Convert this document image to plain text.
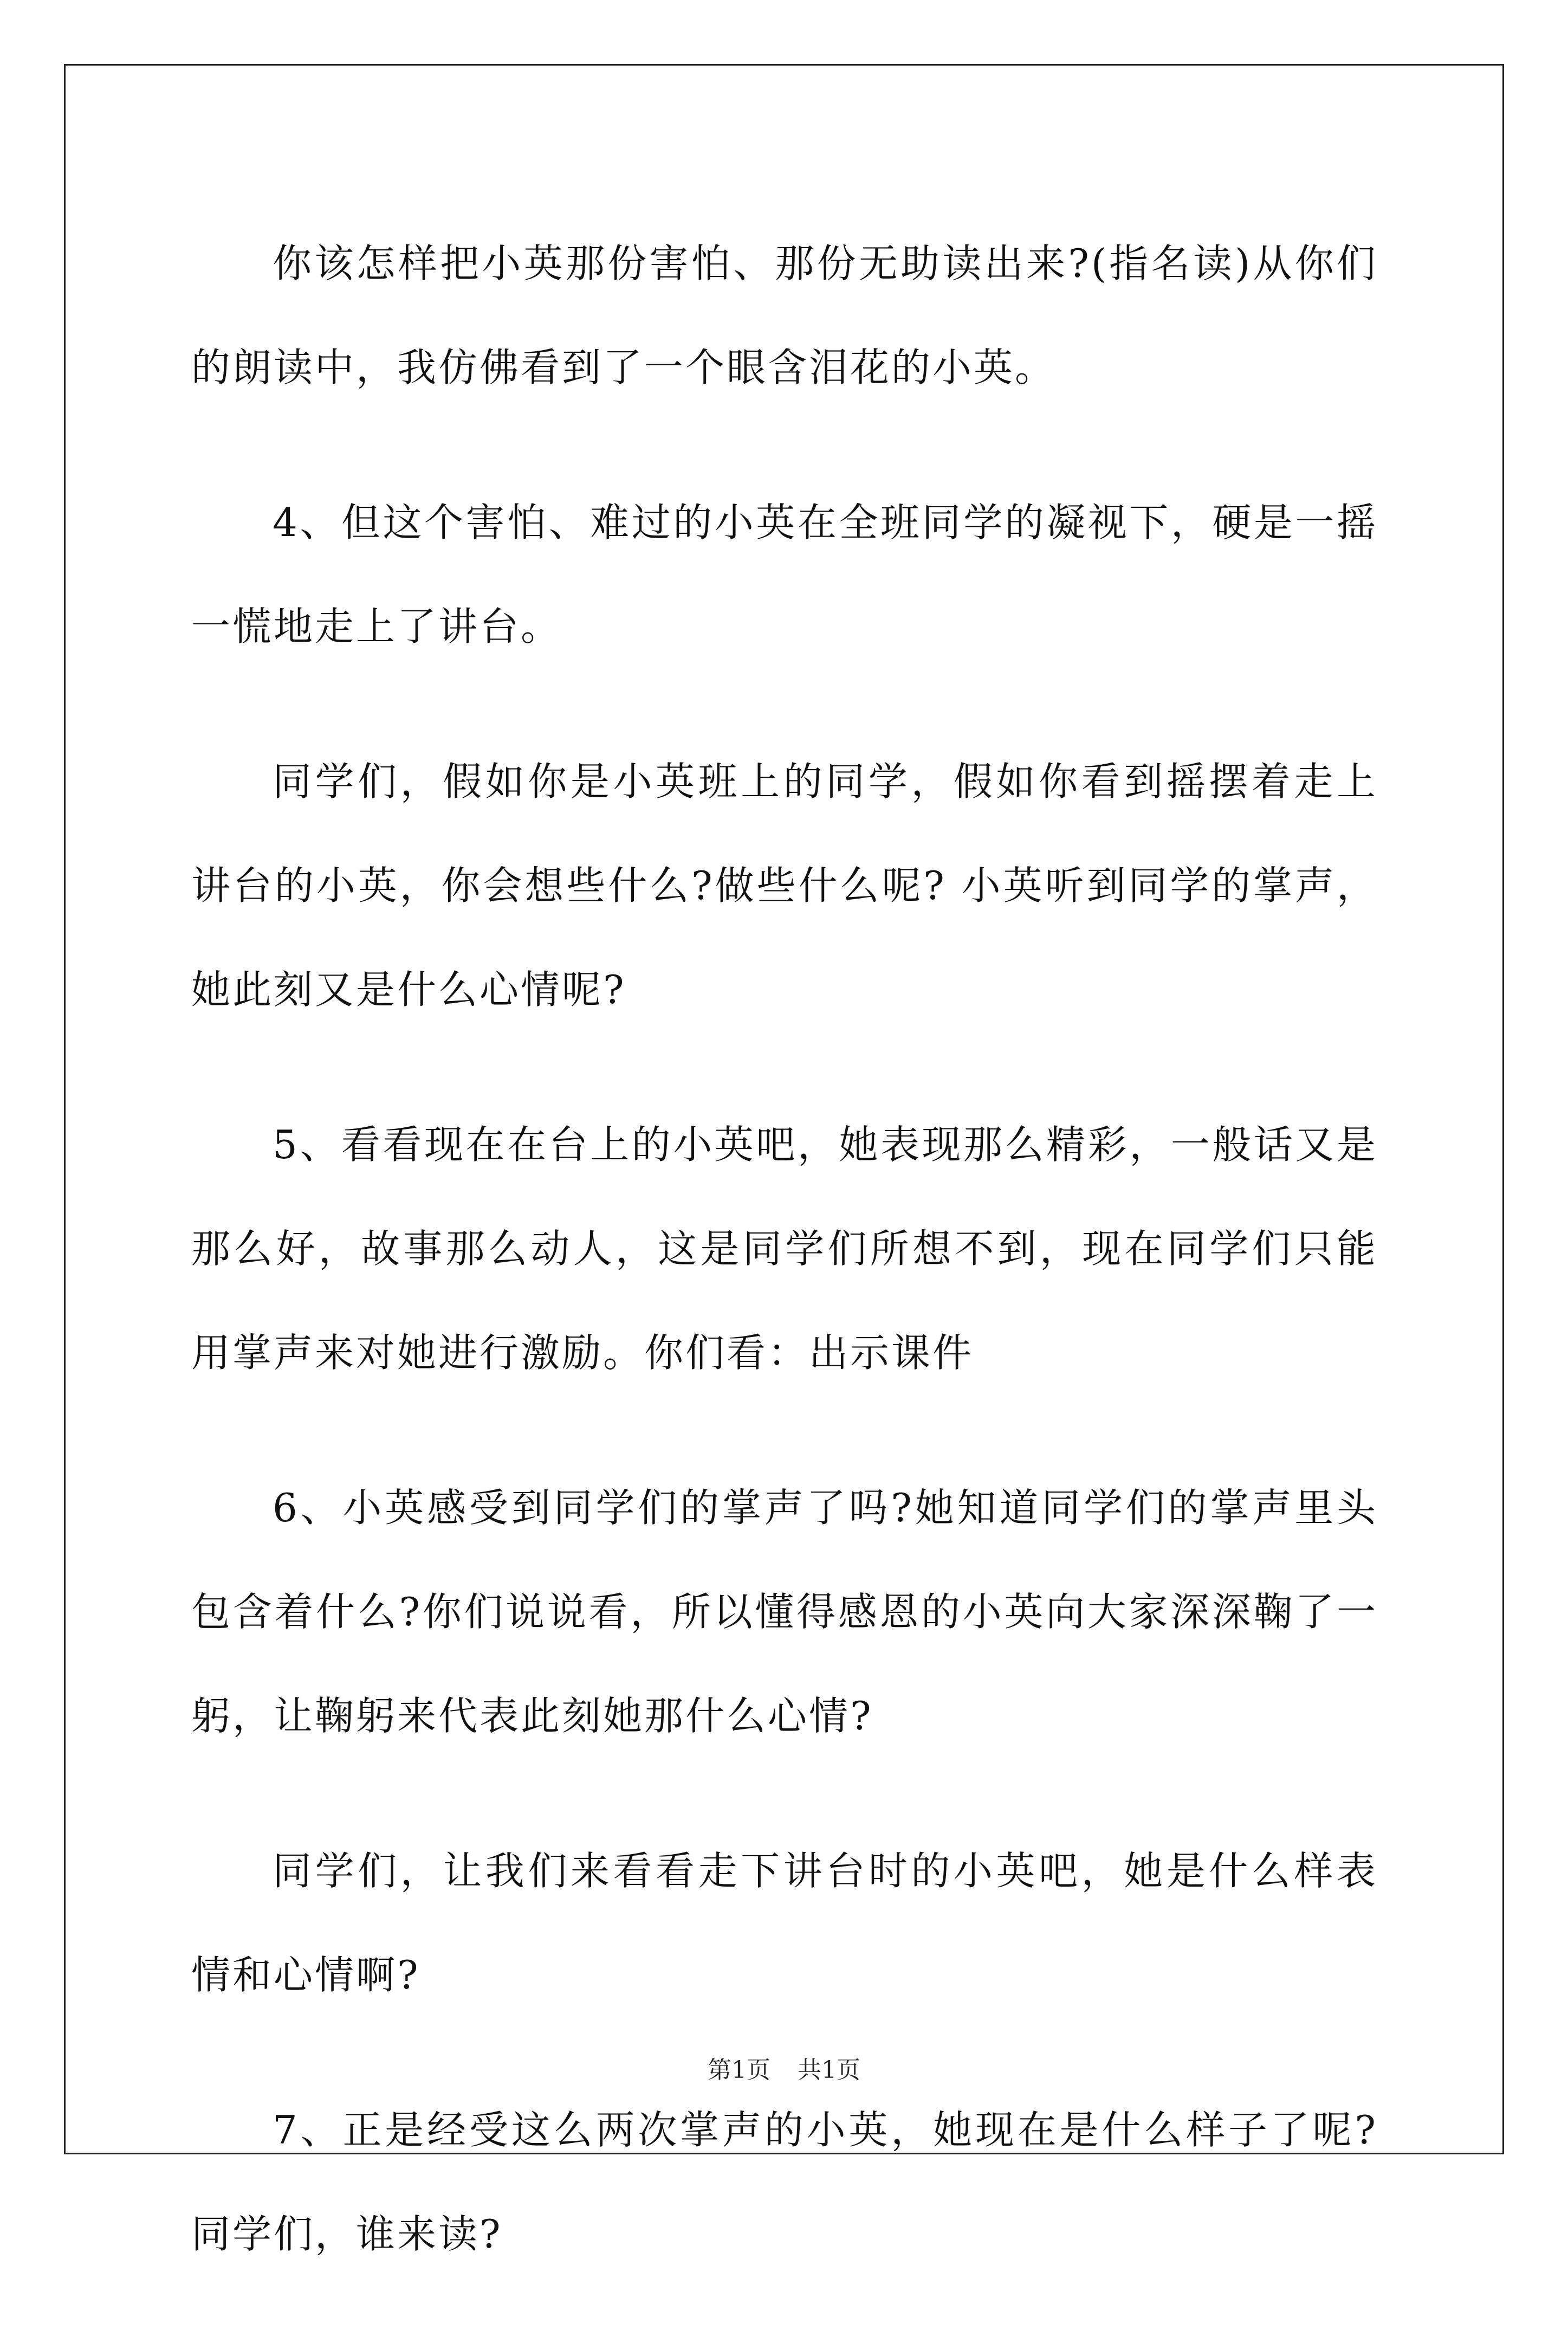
你该怎样把小英那份害怕、那份无助读出来?(指名读)从你们的朗读中，我仿佛看到了一个眼含泪花的小英。

4、但这个害怕、难过的小英在全班同学的凝视下，硬是一摇一慌地走上了讲台。

同学们，假如你是小英班上的同学，假如你看到摇摆着走上讲台的小英，你会想些什么?做些什么呢? 小英听到同学的掌声，她此刻又是什么心情呢?

5、看看现在在台上的小英吧，她表现那么精彩，一般话又是那么好，故事那么动人，这是同学们所想不到，现在同学们只能用掌声来对她进行激励。你们看：出示课件

6、小英感受到同学们的掌声了吗?她知道同学们的掌声里头包含着什么?你们说说看，所以懂得感恩的小英向大家深深鞠了一躬，让鞠躬来代表此刻她那什么心情?

同学们，让我们来看看走下讲台时的小英吧，她是什么样表情和心情啊?

7、正是经受这么两次掌声的小英，她现在是什么样子了呢?同学们，谁来读?

第1页 共1页
